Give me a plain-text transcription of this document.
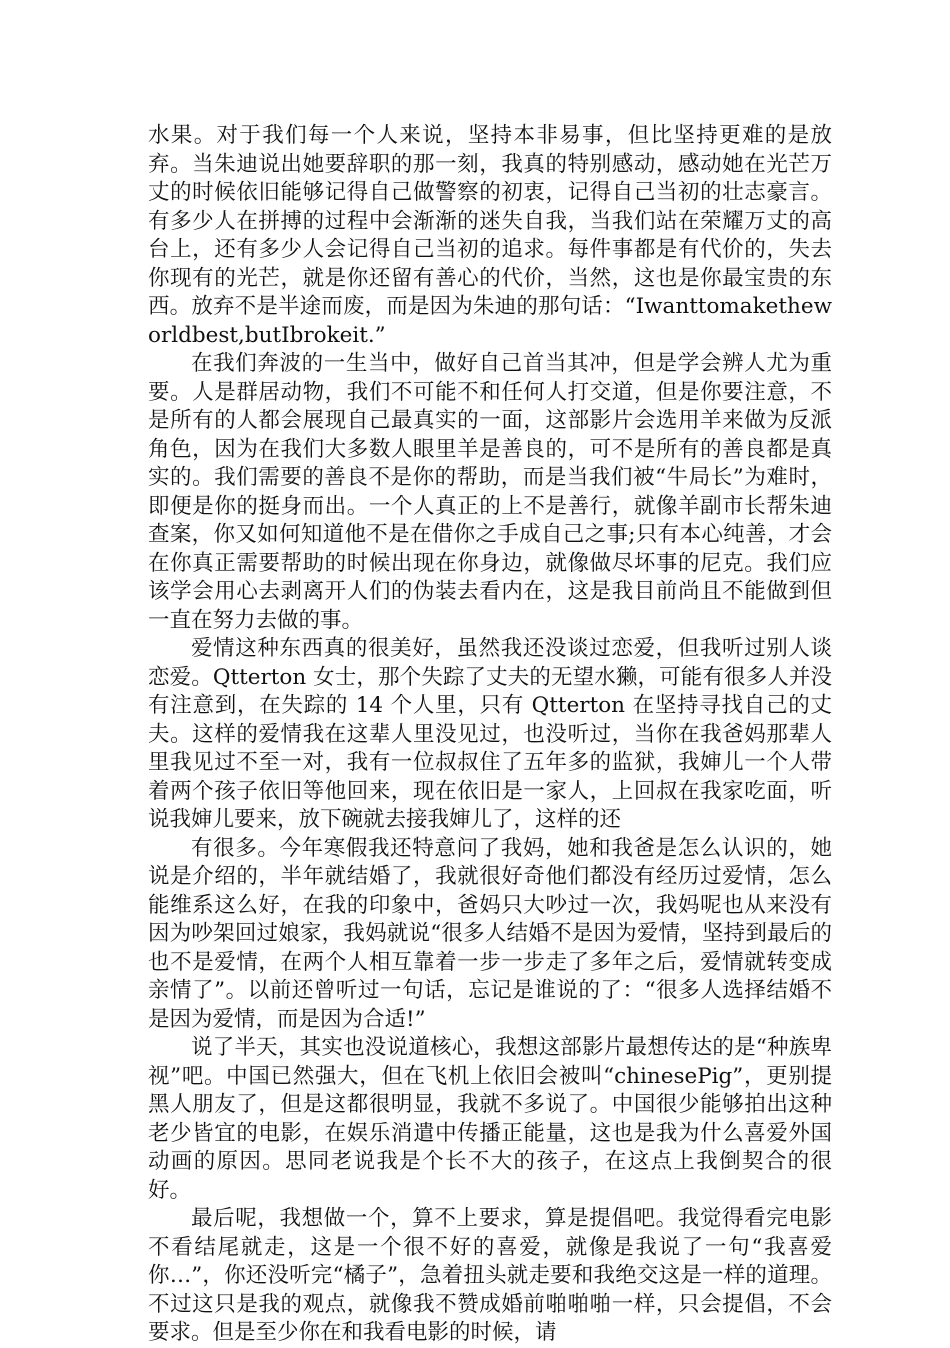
水果。对于我们每一个人来说，坚持本非易事，但比坚持更难的是放弃。当朱迪说出她要辞职的那一刻，我真的特别感动，感动她在光芒万丈的时候依旧能够记得自己做警察的初衷，记得自己当初的壮志豪言。有多少人在拼搏的过程中会渐渐的迷失自我，当我们站在荣耀万丈的高台上，还有多少人会记得自己当初的追求。每件事都是有代价的，失去你现有的光芒，就是你还留有善心的代价，当然，这也是你最宝贵的东西。放弃不是半途而废，而是因为朱迪的那句话：“Iwanttomaketheworldbest,butIbrokeit.”

在我们奔波的一生当中，做好自己首当其冲，但是学会辨人尤为重要。人是群居动物，我们不可能不和任何人打交道，但是你要注意，不是所有的人都会展现自己最真实的一面，这部影片会选用羊来做为反派角色，因为在我们大多数人眼里羊是善良的，可不是所有的善良都是真实的。我们需要的善良不是你的帮助，而是当我们被“牛局长”为难时，即便是你的挺身而出。一个人真正的上不是善行，就像羊副市长帮朱迪查案，你又如何知道他不是在借你之手成自己之事;只有本心纯善，才会在你真正需要帮助的时候出现在你身边，就像做尽坏事的尼克。我们应该学会用心去剥离开人们的伪装去看内在，这是我目前尚且不能做到但一直在努力去做的事。

爱情这种东西真的很美好，虽然我还没谈过恋爱，但我听过别人谈恋爱。Qtterton 女士，那个失踪了丈夫的无望水獭，可能有很多人并没有注意到，在失踪的 14 个人里，只有 Qtterton 在坚持寻找自己的丈夫。这样的爱情我在这辈人里没见过，也没听过，当你在我爸妈那辈人里我见过不至一对，我有一位叔叔住了五年多的监狱，我婶儿一个人带着两个孩子依旧等他回来，现在依旧是一家人，上回叔在我家吃面，听说我婶儿要来，放下碗就去接我婶儿了，这样的还

有很多。今年寒假我还特意问了我妈，她和我爸是怎么认识的，她说是介绍的，半年就结婚了，我就很好奇他们都没有经历过爱情，怎么能维系这么好，在我的印象中，爸妈只大吵过一次，我妈呢也从来没有因为吵架回过娘家，我妈就说“很多人结婚不是因为爱情，坚持到最后的也不是爱情，在两个人相互靠着一步一步走了多年之后，爱情就转变成亲情了”。以前还曾听过一句话，忘记是谁说的了：“很多人选择结婚不是因为爱情，而是因为合适!”

说了半天，其实也没说道核心，我想这部影片最想传达的是“种族卑视”吧。中国已然强大，但在飞机上依旧会被叫“chinesePig”，更别提黑人朋友了，但是这都很明显，我就不多说了。中国很少能够拍出这种老少皆宜的电影，在娱乐消遣中传播正能量，这也是我为什么喜爱外国动画的原因。思同老说我是个长不大的孩子，在这点上我倒契合的很好。

最后呢，我想做一个，算不上要求，算是提倡吧。我觉得看完电影不看结尾就走，这是一个很不好的喜爱，就像是我说了一句“我喜爱你…”，你还没听完“橘子”，急着扭头就走要和我绝交这是一样的道理。不过这只是我的观点，就像我不赞成婚前啪啪啪一样，只会提倡，不会要求。但是至少你在和我看电影的时候，请
